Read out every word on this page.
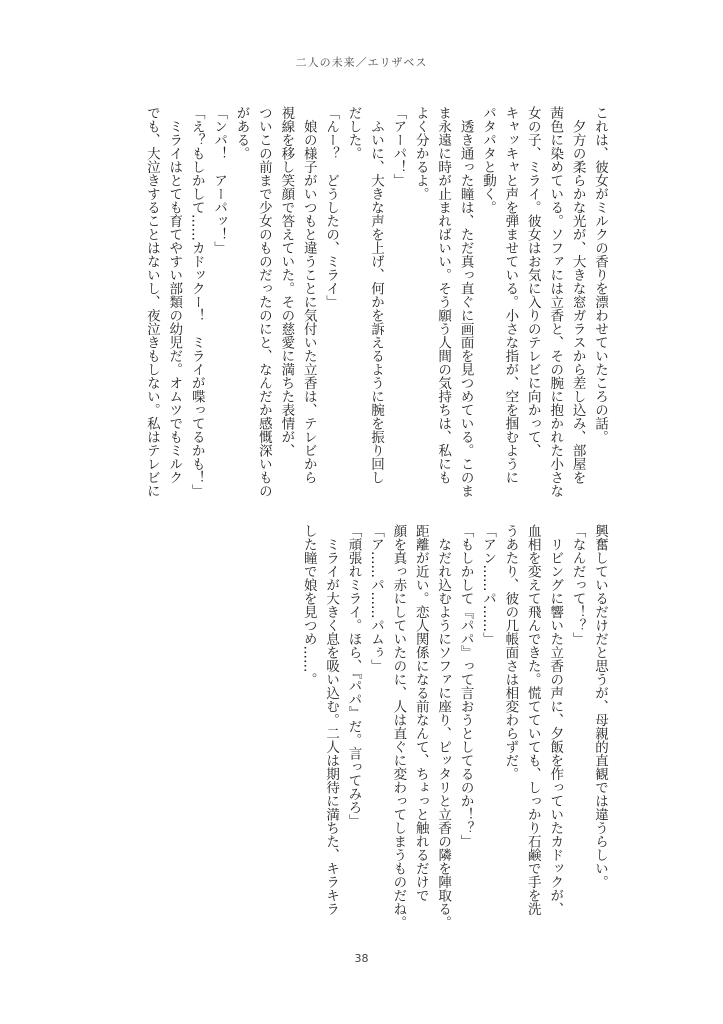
二人の未来／エリザベス
これは、彼女がミルクの香りを漂わせていたころの話。
　夕方の柔らかな光が、大きな窓ガラスから差し込み、部屋を
茜色に染めている。ソファには立香と、その腕に抱かれた小さな
女の子、ミライ。彼女はお気に入りのテレビに向かって、
キャッキャと声を弾ませている。小さな指が、空を掴むように
パタパタと動く。
　透き通った瞳は、ただ真っ直ぐに画面を見つめている。このま
ま永遠に時が止まればいい。そう願う人間の気持ちは、私にも
よく分かるよ。
「アーパ！」
　ふいに、大きな声を上げ、何かを訴えるように腕を振り回し
だした。
「んー？　どうしたの、ミライ」
　娘の様子がいつもと違うことに気付いた立香は、テレビから
視線を移し笑顔で答えていた。その慈愛に満ちた表情が、
ついこの前まで少女のものだったのにと、なんだか感慨深いもの
がある。
「ンパ！　アーパッ！」
「え？もしかして……カドックー！　ミライが喋ってるかも！」
　ミライはとても育てやすい部類の幼児だ。オムツでもミルク
でも、大泣きすることはないし、夜泣きもしない。私はテレビに
興奮しているだけだと思うが、母親的直観では違うらしい。
「なんだって！？」
　リビングに響いた立香の声に、夕飯を作っていたカドックが、
血相を変えて飛んできた。慌てていても、しっかり石鹸で手を洗
うあたり、彼の几帳面さは相変わらずだ。
「アン……パ……」
「もしかして『パパ』って言おうとしてるのか！？」
　なだれ込むようにソファに座り、ピッタリと立香の隣を陣取る。
距離が近い。恋人関係になる前なんて、ちょっと触れるだけで
顔を真っ赤にしていたのに、人は直ぐに変わってしまうものだね。
「ア……パ……パムぅ」
「頑張れミライ。ほら、『パパ』だ。言ってみろ」
　ミライが大きく息を吸い込む。二人は期待に満ちた、キラキラ
した瞳で娘を見つめ……。
38
